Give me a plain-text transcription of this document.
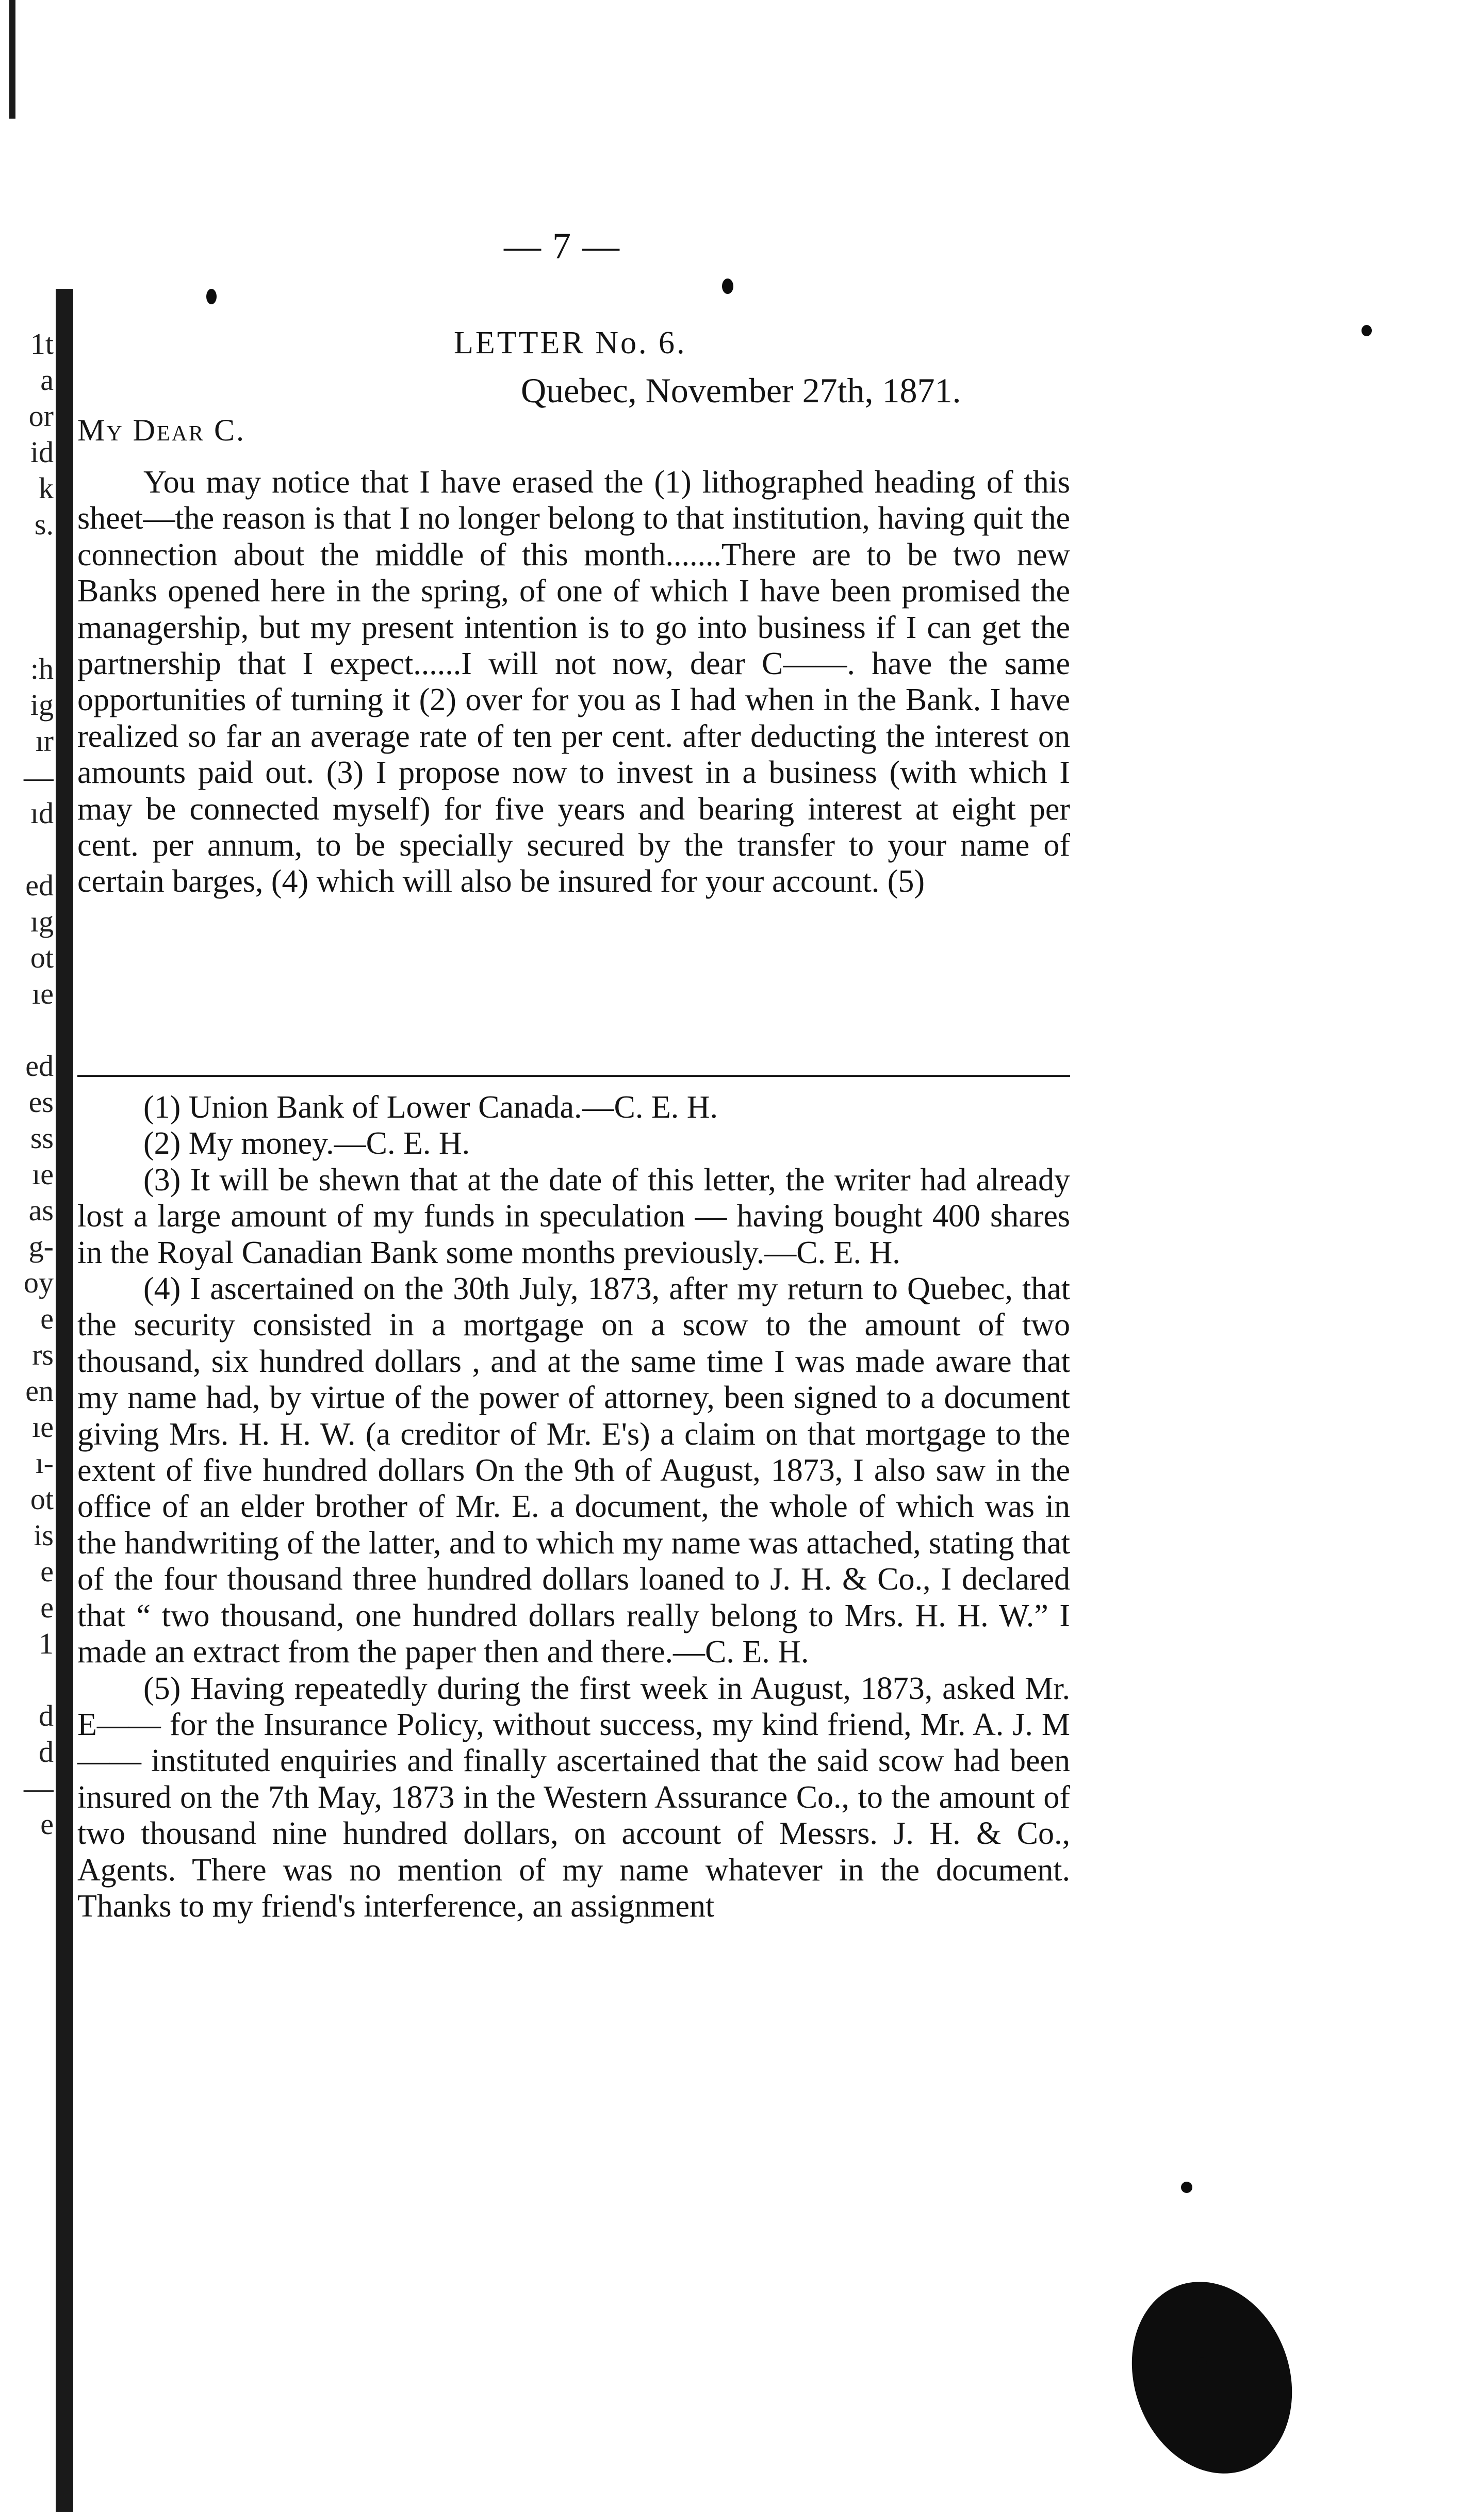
1t
a
or
id
k
s.
:h
ig
ır
—
ıd
ed
ıg
ot
ıe
ed
es
ss
ıe
as
g-
oy
e
rs
en
ıe
ı-
ot
is
e
e
1
d
d
—
e
— 7 —
LETTER No. 6.
Quebec, November 27th, 1871.
My Dear C.

You may notice that I have erased the (1) lithographed heading of this sheet—the reason is that I no longer belong to that institution, having quit the connection about the middle of this month.......There are to be two new Banks opened here in the spring, of one of which I have been promised the managership, but my present intention is to go into business if I can get the partnership that I expect......I will not now, dear C——. have the same opportunities of turning it (2) over for you as I had when in the Bank. I have realized so far an average rate of ten per cent. after deducting the interest on amounts paid out. (3) I propose now to invest in a business (with which I may be connected myself) for five years and bearing interest at eight per cent. per annum, to be specially secured by the transfer to your name of certain barges, (4) which will also be insured for your account. (5)

(1) Union Bank of Lower Canada.—C. E. H.

(2) My money.—C. E. H.

(3) It will be shewn that at the date of this letter, the writer had already lost a large amount of my funds in speculation — having bought 400 shares in the Royal Canadian Bank some months previously.—C. E. H.

(4) I ascertained on the 30th July, 1873, after my return to Quebec, that the security consisted in a mortgage on a scow to the amount of two thousand, six hundred dollars , and at the same time I was made aware that my name had, by virtue of the power of attorney, been signed to a document giving Mrs. H. H. W. (a creditor of Mr. E's) a claim on that mortgage to the extent of five hundred dollars On the 9th of August, 1873, I also saw in the office of an elder brother of Mr. E. a document, the whole of which was in the handwriting of the latter, and to which my name was attached, stating that of the four thousand three hundred dollars loaned to J. H. & Co., I declared that “ two thousand, one hundred dollars really belong to Mrs. H. H. W.” I made an extract from the paper then and there.—C. E. H.

(5) Having repeatedly during the first week in August, 1873, asked Mr. E—— for the Insurance Policy, without success, my kind friend, Mr. A. J. M—— instituted enquiries and finally ascertained that the said scow had been insured on the 7th May, 1873 in the Western Assurance Co., to the amount of two thousand nine hundred dollars, on account of Messrs. J. H. & Co., Agents. There was no mention of my name whatever in the document. Thanks to my friend's interference, an assignment
